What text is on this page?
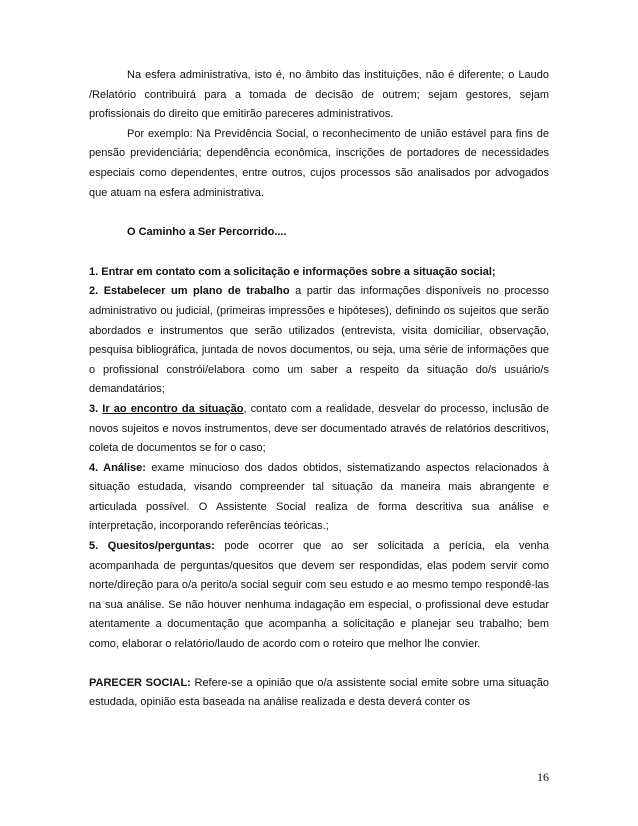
Na esfera administrativa, isto é, no âmbito das instituições, não é diferente; o Laudo /Relatório contribuirá para a tomada de decisão de outrem; sejam gestores, sejam profissionais do direito que emitirão pareceres administrativos.

Por exemplo: Na Previdência Social, o reconhecimento de união estável para fins de pensão previdenciária; dependência econômica, inscrições de portadores de necessidades especiais como dependentes, entre outros, cujos processos são analisados por advogados que atuam na esfera administrativa.

O Caminho a Ser Percorrido....

1. Entrar em contato com a solicitação e informações sobre a situação social;

2. Estabelecer um plano de trabalho a partir das informações disponíveis no processo administrativo ou judicial, (primeiras impressões e hipóteses), definindo os sujeitos que serão abordados e instrumentos que serão utilizados (entrevista, visita domiciliar, observação, pesquisa bibliográfica, juntada de novos documentos, ou seja, uma série de informações que o profissional constrói/elabora como um saber a respeito da situação do/s usuário/s demandatários;

3. Ir ao encontro da situação, contato com a realidade, desvelar do processo, inclusão de novos sujeitos e novos instrumentos, deve ser documentado através de relatórios descritivos, coleta de documentos se for o caso;

4. Análise: exame minucioso dos dados obtidos, sistematizando aspectos relacionados à situação estudada, visando compreender tal situação da maneira mais abrangente e articulada possível. O Assistente Social realiza de forma descritiva sua análise e interpretação, incorporando referências teóricas.;

5. Quesitos/perguntas: pode ocorrer que ao ser solicitada a perícia, ela venha acompanhada de perguntas/quesitos que devem ser respondidas, elas podem servir como norte/direção para o/a perito/a social seguir com seu estudo e ao mesmo tempo respondê-las na sua análise. Se não houver nenhuma indagação em especial, o profissional deve estudar atentamente a documentação que acompanha a solicitação e planejar seu trabalho; bem como, elaborar o relatório/laudo de acordo com o roteiro que melhor lhe convier.

PARECER SOCIAL: Refere-se a opinião que o/a assistente social emite sobre uma situação estudada, opinião esta baseada na análise realizada e desta deverá conter os

16
